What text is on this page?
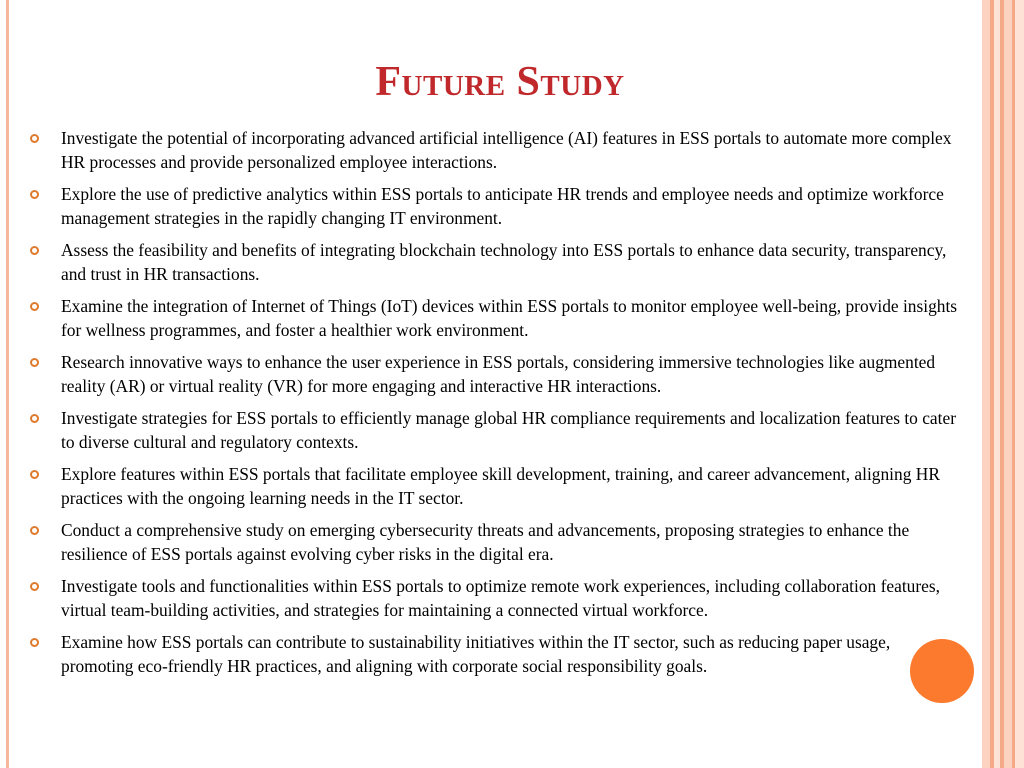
Future Study
Investigate the potential of incorporating advanced artificial intelligence (AI) features in ESS portals to automate more complex HR processes and provide personalized employee interactions.
Explore the use of predictive analytics within ESS portals to anticipate HR trends and employee needs and optimize workforce management strategies in the rapidly changing IT environment.
Assess the feasibility and benefits of integrating blockchain technology into ESS portals to enhance data security, transparency, and trust in HR transactions.
Examine the integration of Internet of Things (IoT) devices within ESS portals to monitor employee well-being, provide insights for wellness programmes, and foster a healthier work environment.
Research innovative ways to enhance the user experience in ESS portals, considering immersive technologies like augmented reality (AR) or virtual reality (VR) for more engaging and interactive HR interactions.
Investigate strategies for ESS portals to efficiently manage global HR compliance requirements and localization features to cater to diverse cultural and regulatory contexts.
Explore features within ESS portals that facilitate employee skill development, training, and career advancement, aligning HR practices with the ongoing learning needs in the IT sector.
Conduct a comprehensive study on emerging cybersecurity threats and advancements, proposing strategies to enhance the resilience of ESS portals against evolving cyber risks in the digital era.
Investigate tools and functionalities within ESS portals to optimize remote work experiences, including collaboration features, virtual team-building activities, and strategies for maintaining a connected virtual workforce.
Examine how ESS portals can contribute to sustainability initiatives within the IT sector, such as reducing paper usage, promoting eco-friendly HR practices, and aligning with corporate social responsibility goals.
